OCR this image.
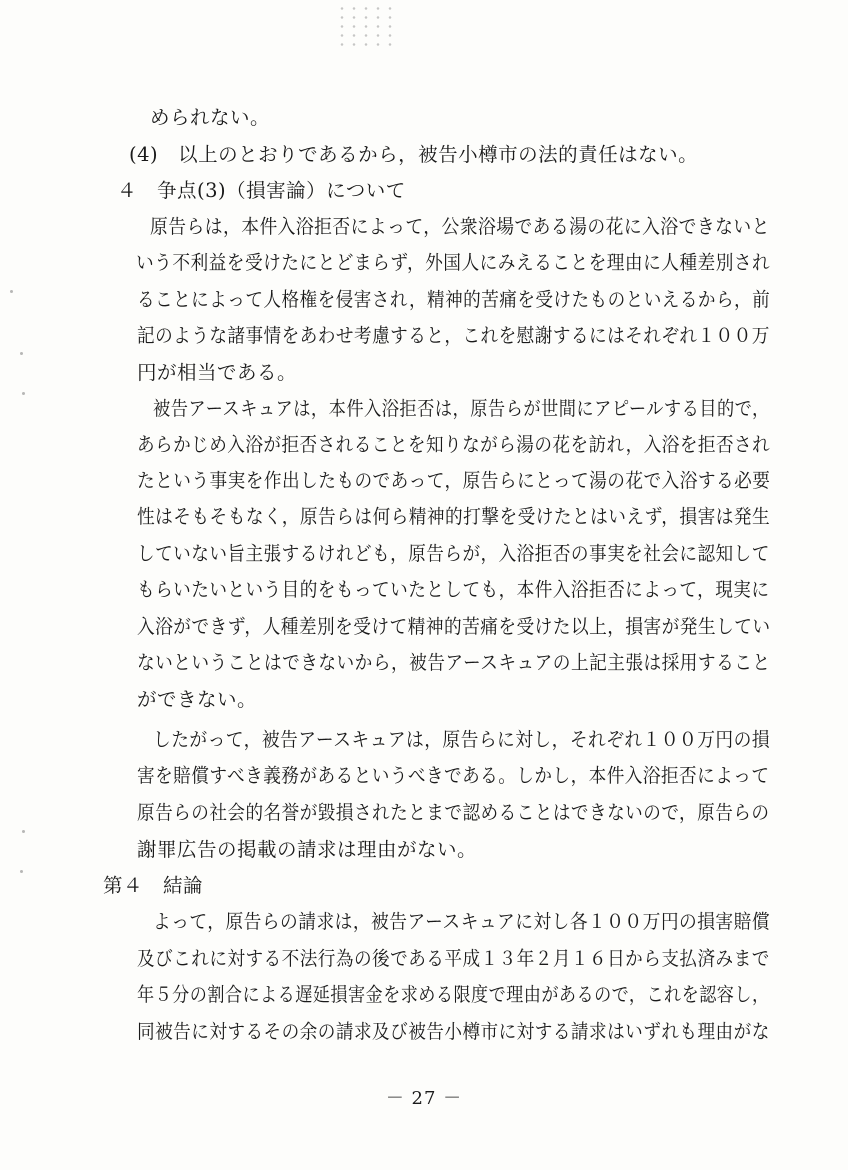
められない。
(4)　以上のとおりであるから，被告小樽市の法的責任はない。
４　争点(3)（損害論）について
原告らは，本件入浴拒否によって，公衆浴場である湯の花に入浴できないと
いう不利益を受けたにとどまらず，外国人にみえることを理由に人種差別され
ることによって人格権を侵害され，精神的苦痛を受けたものといえるから，前
記のような諸事情をあわせ考慮すると，これを慰謝するにはそれぞれ１００万
円が相当である。
被告アースキュアは，本件入浴拒否は，原告らが世間にアピールする目的で，
あらかじめ入浴が拒否されることを知りながら湯の花を訪れ，入浴を拒否され
たという事実を作出したものであって，原告らにとって湯の花で入浴する必要
性はそもそもなく，原告らは何ら精神的打撃を受けたとはいえず，損害は発生
していない旨主張するけれども，原告らが，入浴拒否の事実を社会に認知して
もらいたいという目的をもっていたとしても，本件入浴拒否によって，現実に
入浴ができず，人種差別を受けて精神的苦痛を受けた以上，損害が発生してい
ないということはできないから，被告アースキュアの上記主張は採用すること
ができない。
したがって，被告アースキュアは，原告らに対し，それぞれ１００万円の損
害を賠償すべき義務があるというべきである。しかし，本件入浴拒否によって
原告らの社会的名誉が毀損されたとまで認めることはできないので，原告らの
謝罪広告の掲載の請求は理由がない。
第４　結論
よって，原告らの請求は，被告アースキュアに対し各１００万円の損害賠償
及びこれに対する不法行為の後である平成１３年２月１６日から支払済みまで
年５分の割合による遅延損害金を求める限度で理由があるので，これを認容し，
同被告に対するその余の請求及び被告小樽市に対する請求はいずれも理由がな
－ 27 －
